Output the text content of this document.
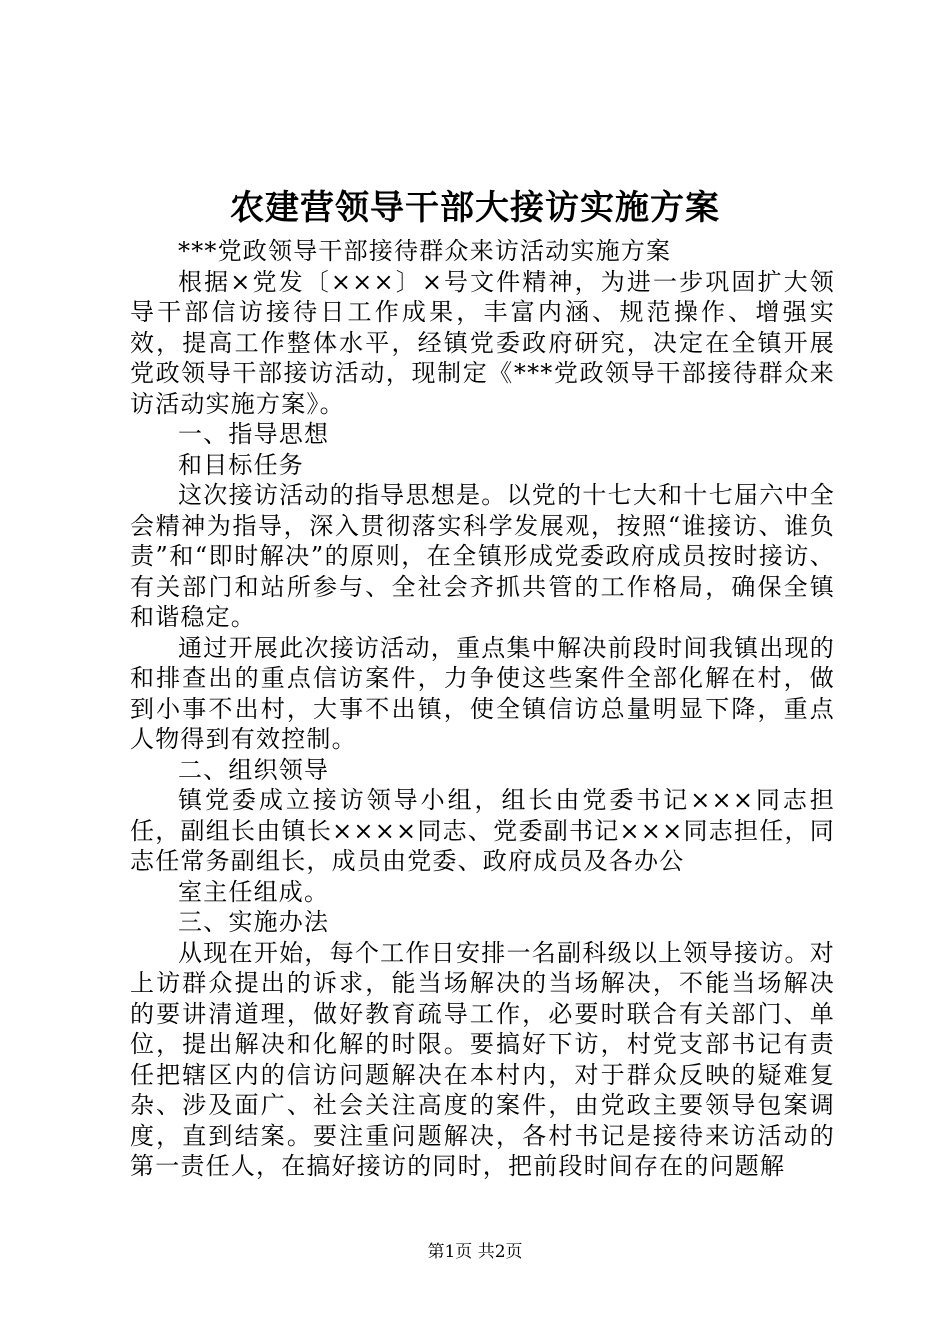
农建营领导干部大接访实施方案

***党政领导干部接待群众来访活动实施方案

根据×党发〔×××〕×号文件精神，为进一步巩固扩大领导干部信访接待日工作成果，丰富内涵、规范操作、增强实效，提高工作整体水平，经镇党委政府研究，决定在全镇开展党政领导干部接访活动，现制定《***党政领导干部接待群众来访活动实施方案》。

一、指导思想

和目标任务

这次接访活动的指导思想是。以党的十七大和十七届六中全会精神为指导，深入贯彻落实科学发展观，按照“谁接访、谁负责”和“即时解决”的原则，在全镇形成党委政府成员按时接访、有关部门和站所参与、全社会齐抓共管的工作格局，确保全镇和谐稳定。

通过开展此次接访活动，重点集中解决前段时间我镇出现的和排查出的重点信访案件，力争使这些案件全部化解在村，做到小事不出村，大事不出镇，使全镇信访总量明显下降，重点人物得到有效控制。

二、组织领导

镇党委成立接访领导小组，组长由党委书记×××同志担任，副组长由镇长××××同志、党委副书记×××同志担任，同志任常务副组长，成员由党委、政府成员及各办公

室主任组成。

三、实施办法

从现在开始，每个工作日安排一名副科级以上领导接访。对上访群众提出的诉求，能当场解决的当场解决，不能当场解决的要讲清道理，做好教育疏导工作，必要时联合有关部门、单位，提出解决和化解的时限。要搞好下访，村党支部书记有责任把辖区内的信访问题解决在本村内，对于群众反映的疑难复杂、涉及面广、社会关注高度的案件，由党政主要领导包案调度，直到结案。要注重问题解决，各村书记是接待来访活动的第一责任人，在搞好接访的同时，把前段时间存在的问题解

第1页 共2页
